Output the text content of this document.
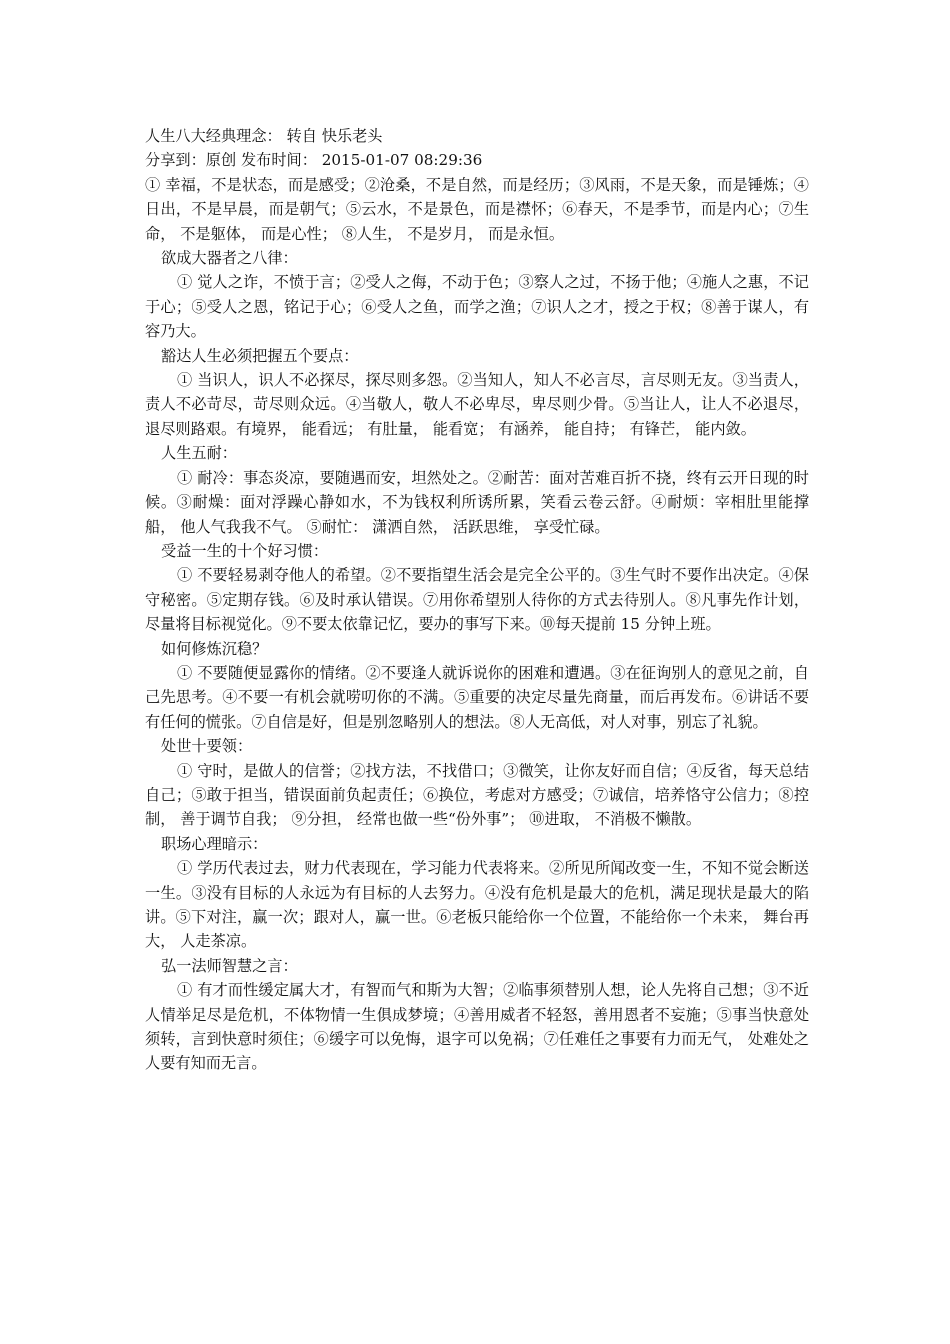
人生八大经典理念： 转自 快乐老头

分享到：原创 发布时间： 2015-01-07 08:29:36

① 幸福，不是状态，而是感受；②沧桑，不是自然，而是经历；③风雨，不是天象，而是锤炼；④日出，不是早晨，而是朝气；⑤云水，不是景色，而是襟怀；⑥春天，不是季节，而是内心；⑦生命， 不是躯体， 而是心性； ⑧人生， 不是岁月， 而是永恒。

欲成大器者之八律：

① 觉人之诈，不愤于言；②受人之侮，不动于色；③察人之过，不扬于他；④施人之惠，不记于心；⑤受人之恩，铭记于心；⑥受人之鱼，而学之渔；⑦识人之才，授之于权；⑧善于谋人，有容乃大。

豁达人生必须把握五个要点：

① 当识人，识人不必探尽，探尽则多怨。②当知人，知人不必言尽，言尽则无友。③当责人，责人不必苛尽，苛尽则众远。④当敬人，敬人不必卑尽，卑尽则少骨。⑤当让人，让人不必退尽，退尽则路艰。有境界， 能看远； 有肚量， 能看宽； 有涵养， 能自持； 有锋芒， 能内敛。

人生五耐：

① 耐冷：事态炎凉，要随遇而安，坦然处之。②耐苦：面对苦难百折不挠，终有云开日现的时候。③耐燥：面对浮躁心静如水，不为钱权利所诱所累，笑看云卷云舒。④耐烦：宰相肚里能撑船， 他人气我我不气。 ⑤耐忙： 潇洒自然， 活跃思维， 享受忙碌。

受益一生的十个好习惯：

① 不要轻易剥夺他人的希望。②不要指望生活会是完全公平的。③生气时不要作出决定。④保守秘密。⑤定期存钱。⑥及时承认错误。⑦用你希望别人待你的方式去待别人。⑧凡事先作计划，尽量将目标视觉化。⑨不要太依靠记忆，要办的事写下来。⑩每天提前 15 分钟上班。

如何修炼沉稳？

① 不要随便显露你的情绪。②不要逢人就诉说你的困难和遭遇。③在征询别人的意见之前，自己先思考。④不要一有机会就唠叨你的不满。⑤重要的决定尽量先商量，而后再发布。⑥讲话不要有任何的慌张。⑦自信是好，但是别忽略别人的想法。⑧人无高低，对人对事，别忘了礼貌。

处世十要领：

① 守时，是做人的信誉；②找方法，不找借口；③微笑，让你友好而自信；④反省，每天总结自己；⑤敢于担当，错误面前负起责任；⑥换位，考虑对方感受；⑦诚信，培养恪守公信力；⑧控制， 善于调节自我； ⑨分担， 经常也做一些“份外事”； ⑩进取， 不消极不懒散。

职场心理暗示：

① 学历代表过去，财力代表现在，学习能力代表将来。②所见所闻改变一生，不知不觉会断送一生。③没有目标的人永远为有目标的人去努力。④没有危机是最大的危机，满足现状是最大的陷讲。⑤下对注，赢一次；跟对人，赢一世。⑥老板只能给你一个位置，不能给你一个未来， 舞台再大， 人走茶凉。

弘一法师智慧之言：

① 有才而性缓定属大才，有智而气和斯为大智；②临事须替别人想，论人先将自己想；③不近人情举足尽是危机，不体物情一生俱成梦境；④善用威者不轻怒，善用恩者不妄施；⑤事当快意处须转，言到快意时须住；⑥缓字可以免悔，退字可以免祸；⑦任难任之事要有力而无气， 处难处之人要有知而无言。
